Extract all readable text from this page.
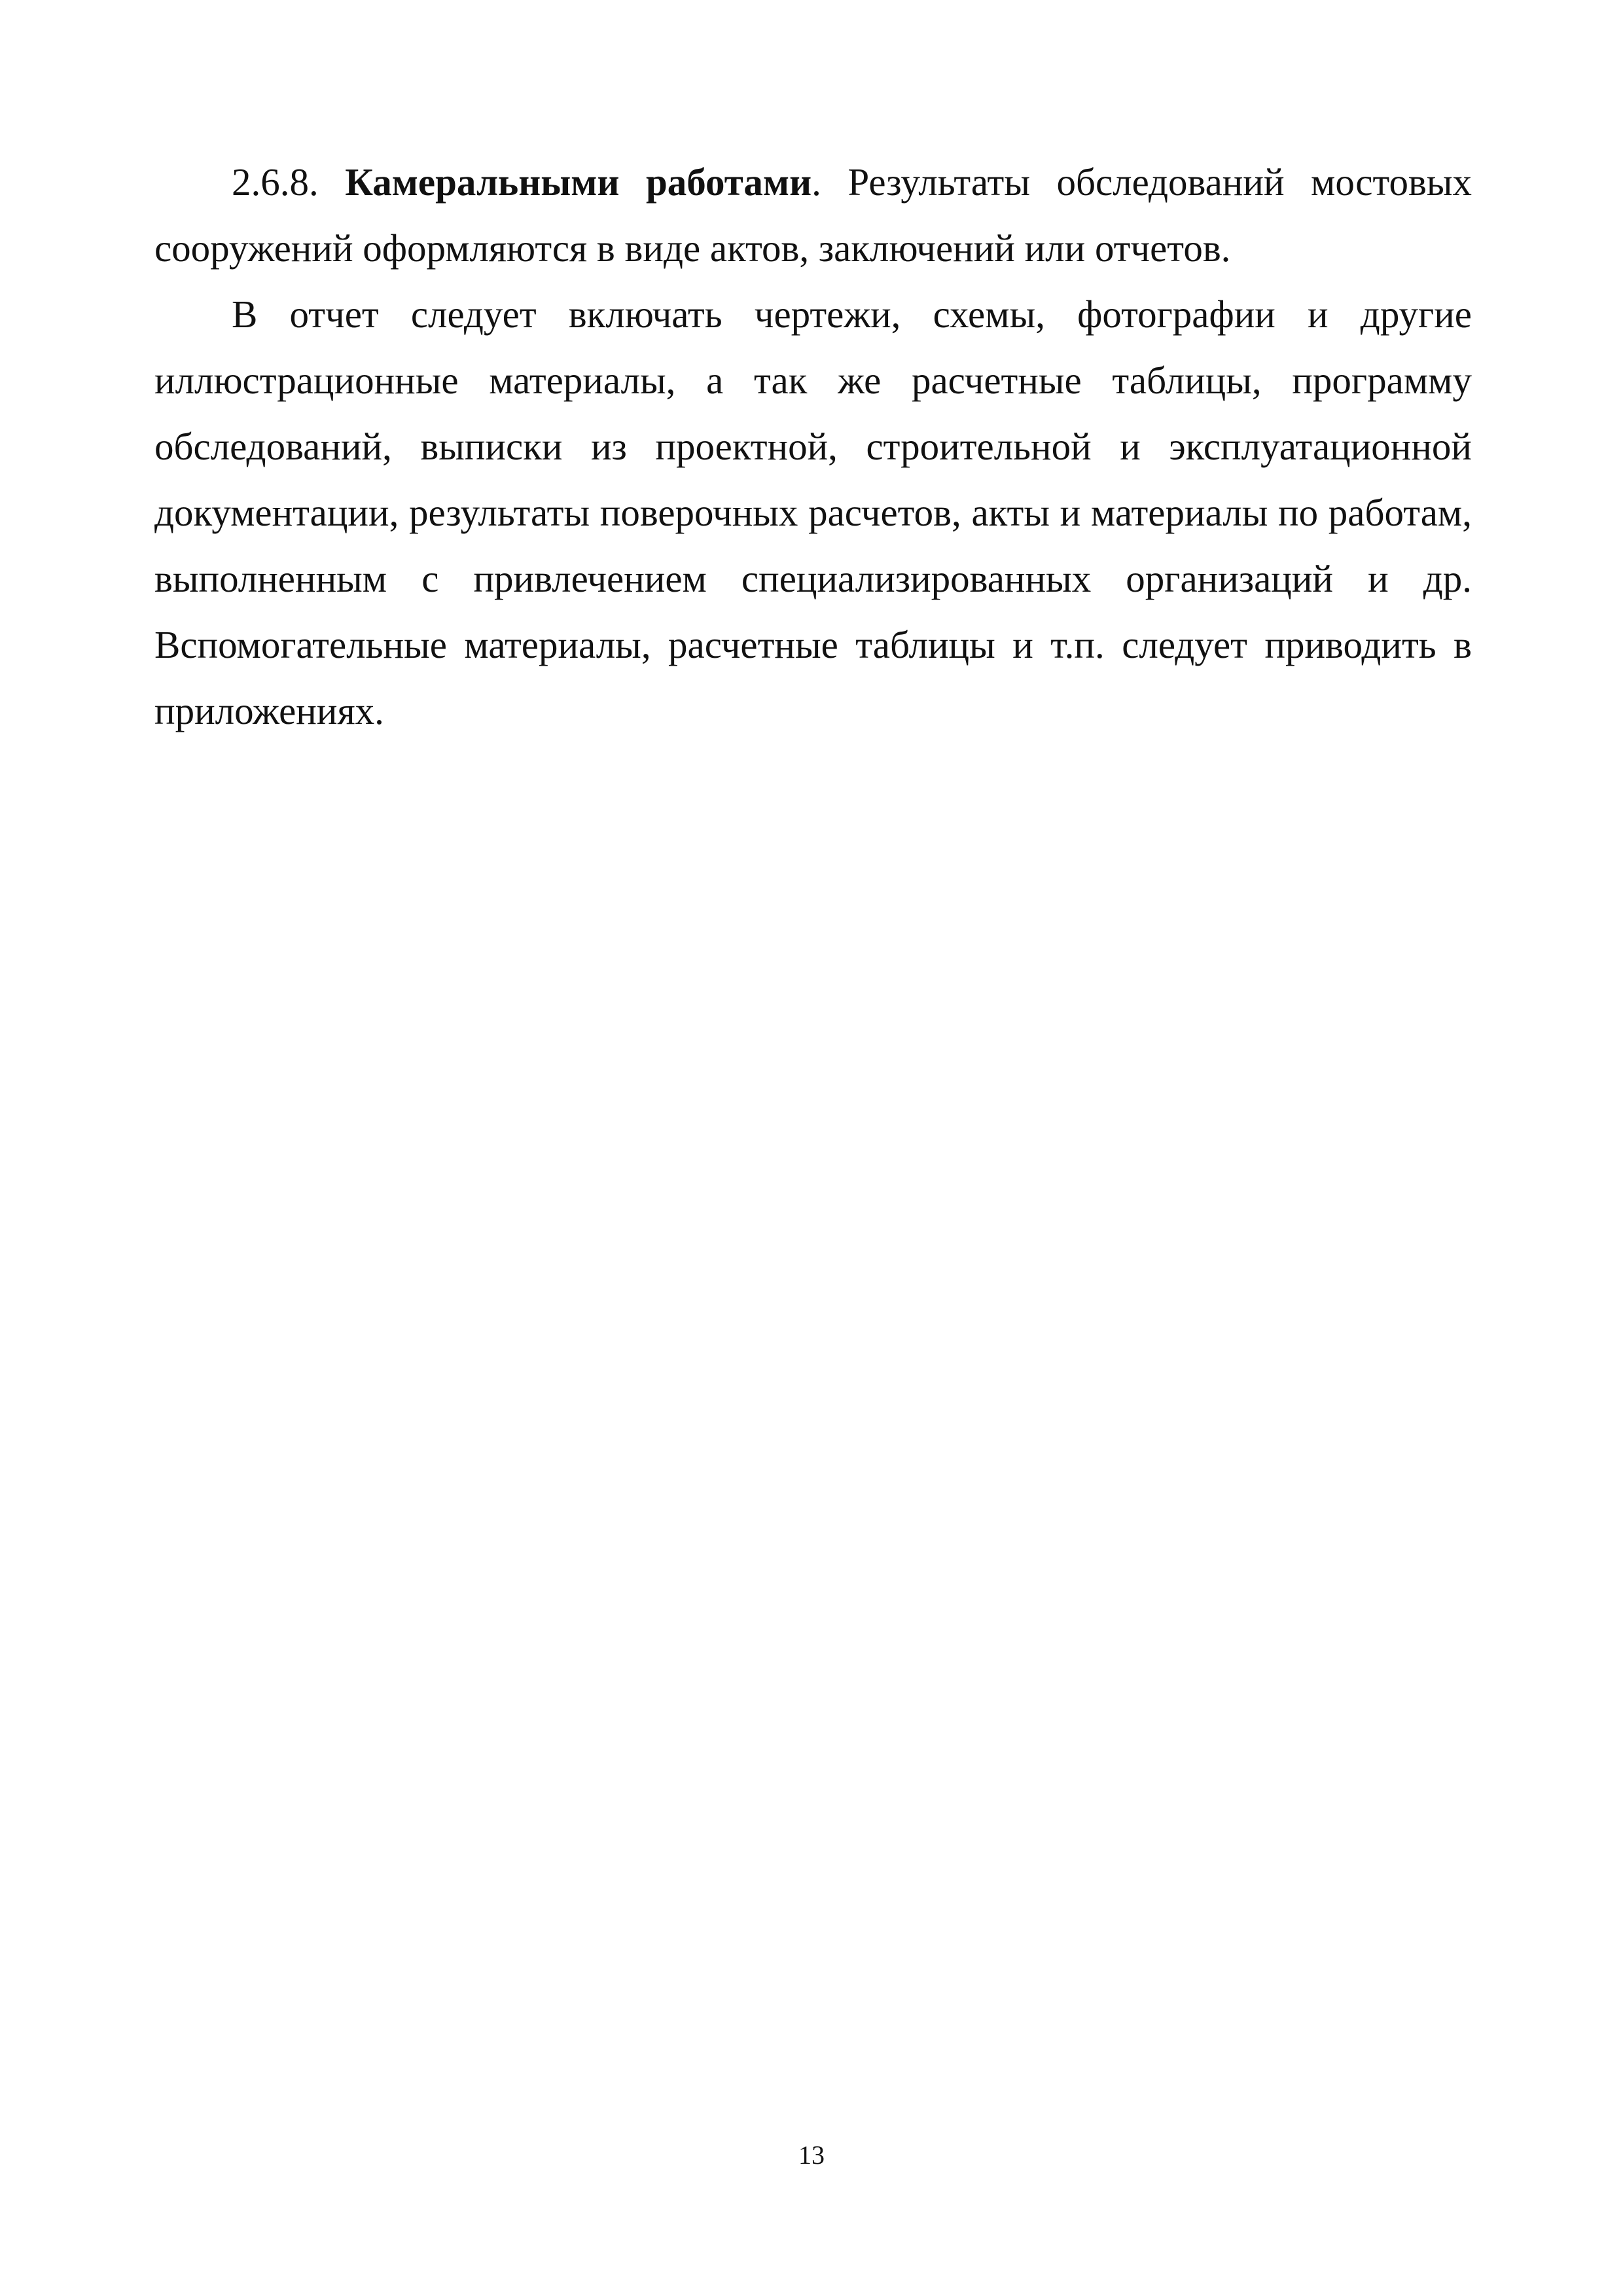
2.6.8. Камеральными работами. Результаты обследований мостовых сооружений оформляются в виде актов, заключений или отчетов.

В отчет следует включать чертежи, схемы, фотографии и другие иллюстрационные материалы, а так же расчетные таблицы, программу обследований, выписки из проектной, строительной и эксплуатационной документации, результаты поверочных расчетов, акты и материалы по работам, выполненным с привлечением специализированных организаций и др. Вспомогательные материалы, расчетные таблицы и т.п. следует приводить в приложениях.

13
